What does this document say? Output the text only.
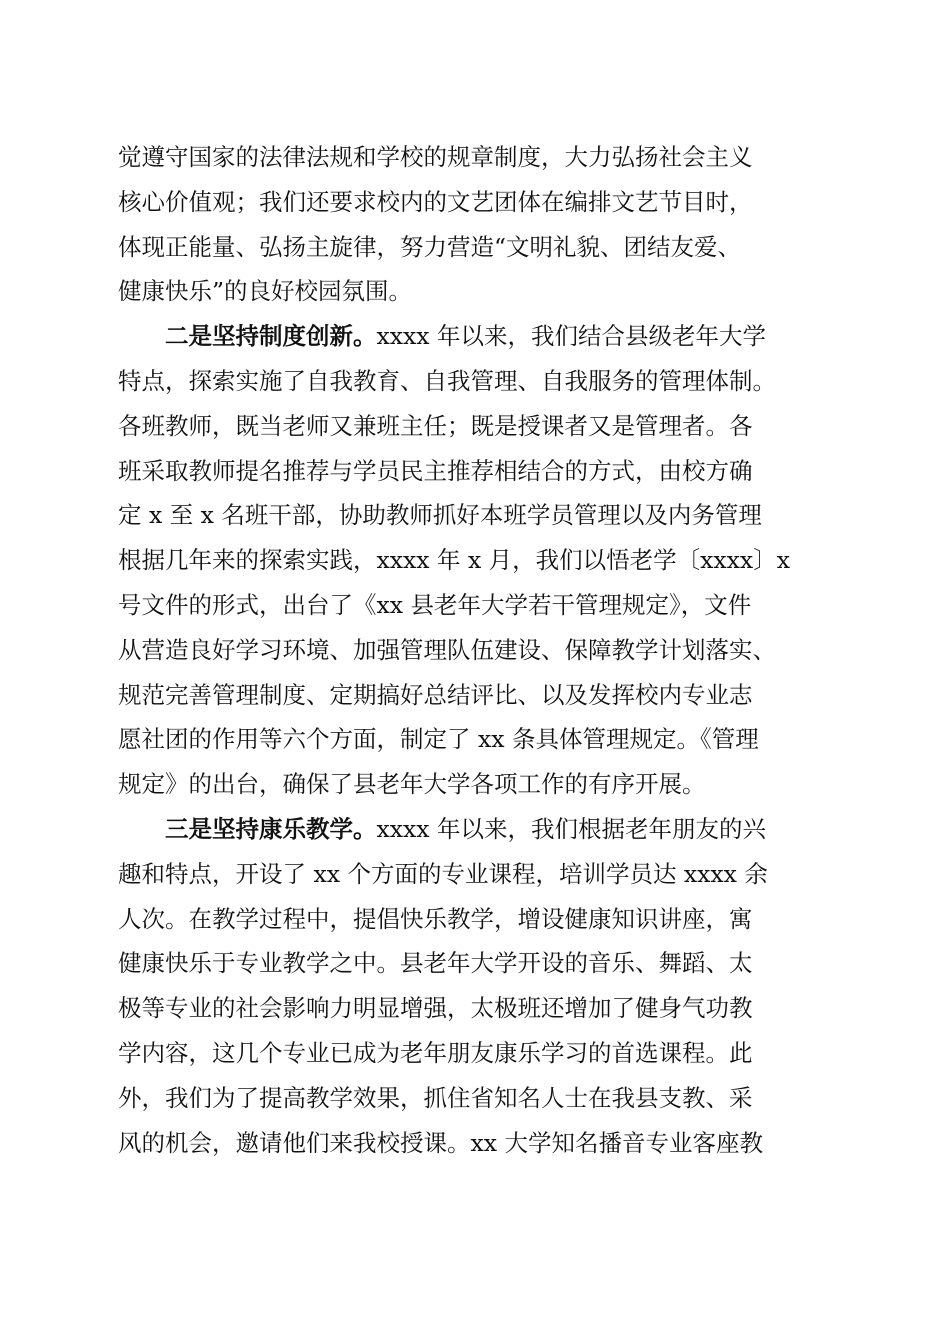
觉遵守国家的法律法规和学校的规章制度，大力弘扬社会主义
核心价值观；我们还要求校内的文艺团体在编排文艺节目时，
体现正能量、弘扬主旋律，努力营造“文明礼貌、团结友爱、
健康快乐”的良好校园氛围。
二是坚持制度创新。xxxx 年以来，我们结合县级老年大学
特点，探索实施了自我教育、自我管理、自我服务的管理体制。
各班教师，既当老师又兼班主任；既是授课者又是管理者。各
班采取教师提名推荐与学员民主推荐相结合的方式，由校方确
定 x 至 x 名班干部，协助教师抓好本班学员管理以及内务管理
根据几年来的探索实践，xxxx 年 x 月，我们以悟老学〔xxxx〕x
号文件的形式，出台了《xx 县老年大学若干管理规定》，文件
从营造良好学习环境、加强管理队伍建设、保障教学计划落实、
规范完善管理制度、定期搞好总结评比、以及发挥校内专业志
愿社团的作用等六个方面，制定了 xx 条具体管理规定。《管理
规定》的出台，确保了县老年大学各项工作的有序开展。
三是坚持康乐教学。xxxx 年以来，我们根据老年朋友的兴
趣和特点，开设了 xx 个方面的专业课程，培训学员达 xxxx 余
人次。在教学过程中，提倡快乐教学，增设健康知识讲座，寓
健康快乐于专业教学之中。县老年大学开设的音乐、舞蹈、太
极等专业的社会影响力明显增强，太极班还增加了健身气功教
学内容，这几个专业已成为老年朋友康乐学习的首选课程。此
外，我们为了提高教学效果，抓住省知名人士在我县支教、采
风的机会，邀请他们来我校授课。xx 大学知名播音专业客座教
